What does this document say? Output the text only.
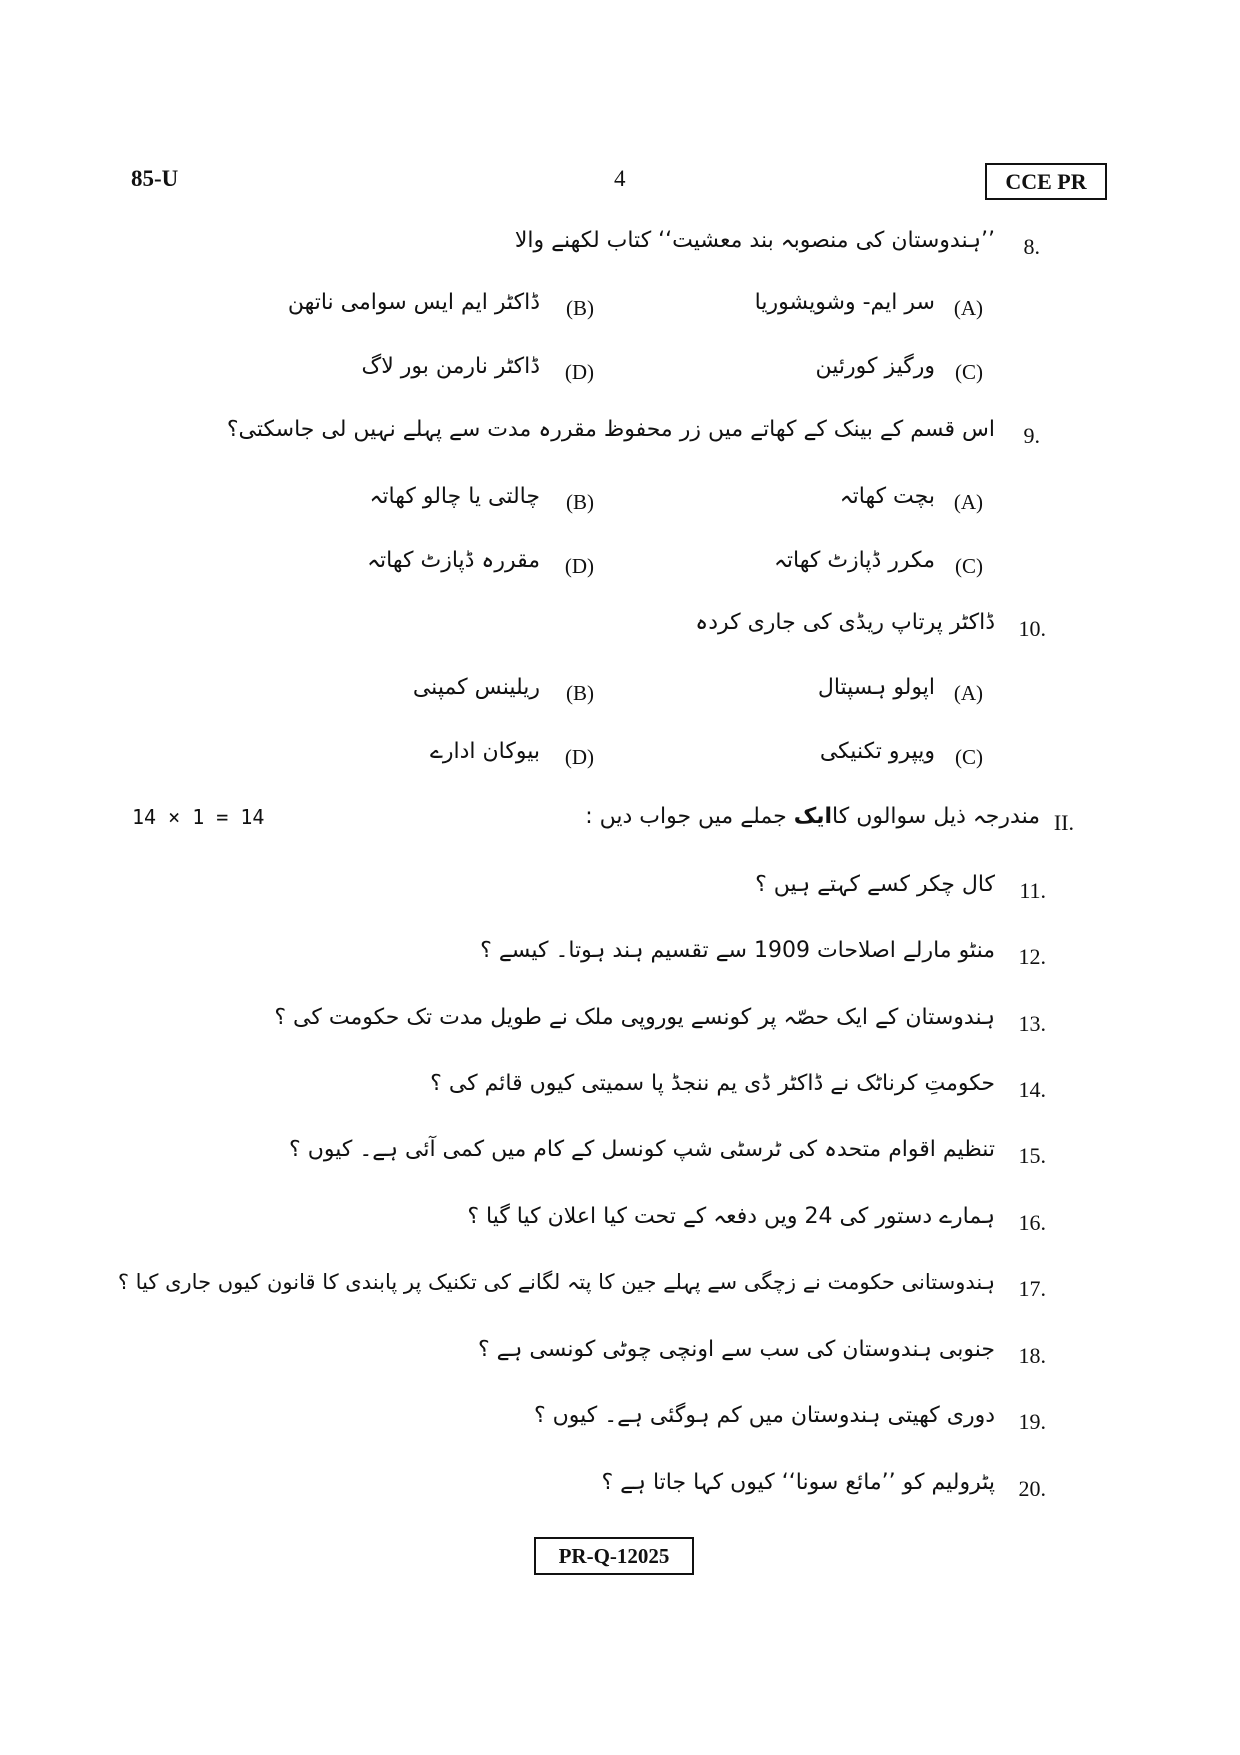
85-U	4	CCE PR
8.
’’ہندوستان کی منصوبہ بند معشیت‘‘ کتاب لکھنے والا
(A)
سر ایم- وشویشوریا
(B)
ڈاکٹر ایم ایس سوامی ناتھن
(C)
ورگیز کورئین
(D)
ڈاکٹر نارمن بور لاگ
9.
اس قسم کے بینک کے کھاتے میں زر محفوظ مقررہ مدت سے پہلے نہیں لی جاسکتی؟
(A)
بچت کھاتہ
(B)
چالتی یا چالو کھاتہ
(C)
مکرر ڈپازٹ کھاتہ
(D)
مقررہ ڈپازٹ کھاتہ
10.
ڈاکٹر پرتاپ ریڈی کی جاری کردہ
(A)
اپولو ہسپتال
(B)
ریلینس کمپنی
(C)
ویپرو تکنیکی
(D)
بیوکان ادارے
II.
مندرجہ ذیل سوالوں کاایک جملے میں جواب دیں :
14 × 1 = 14
11.
کال چکر کسے کہتے ہیں ؟
12.
منٹو مارلے اصلاحات 1909 سے تقسیم ہند ہوتا۔ کیسے ؟
13.
ہندوستان کے ایک حصّہ پر کونسے یوروپی ملک نے طویل مدت تک حکومت کی ؟
14.
حکومتِ کرناٹک نے ڈاکٹر ڈی یم ننجڈ پا سمیتی کیوں قائم کی ؟
15.
تنظیم اقوام متحدہ کی ٹرسٹی شپ کونسل کے کام میں کمی آئی ہے۔ کیوں ؟
16.
ہمارے دستور کی 24 ویں دفعہ کے تحت کیا اعلان کیا گیا ؟
17.
ہندوستانی حکومت نے زچگی سے پہلے جین کا پتہ لگانے کی تکنیک پر پابندی کا قانون کیوں جاری کیا ؟
18.
جنوبی ہندوستان کی سب سے اونچی چوٹی کونسی ہے ؟
19.
دوری کھیتی ہندوستان میں کم ہوگئی ہے۔ کیوں ؟
20.
پٹرولیم کو ’’مائع سونا‘‘ کیوں کہا جاتا ہے ؟
PR-Q-12025
